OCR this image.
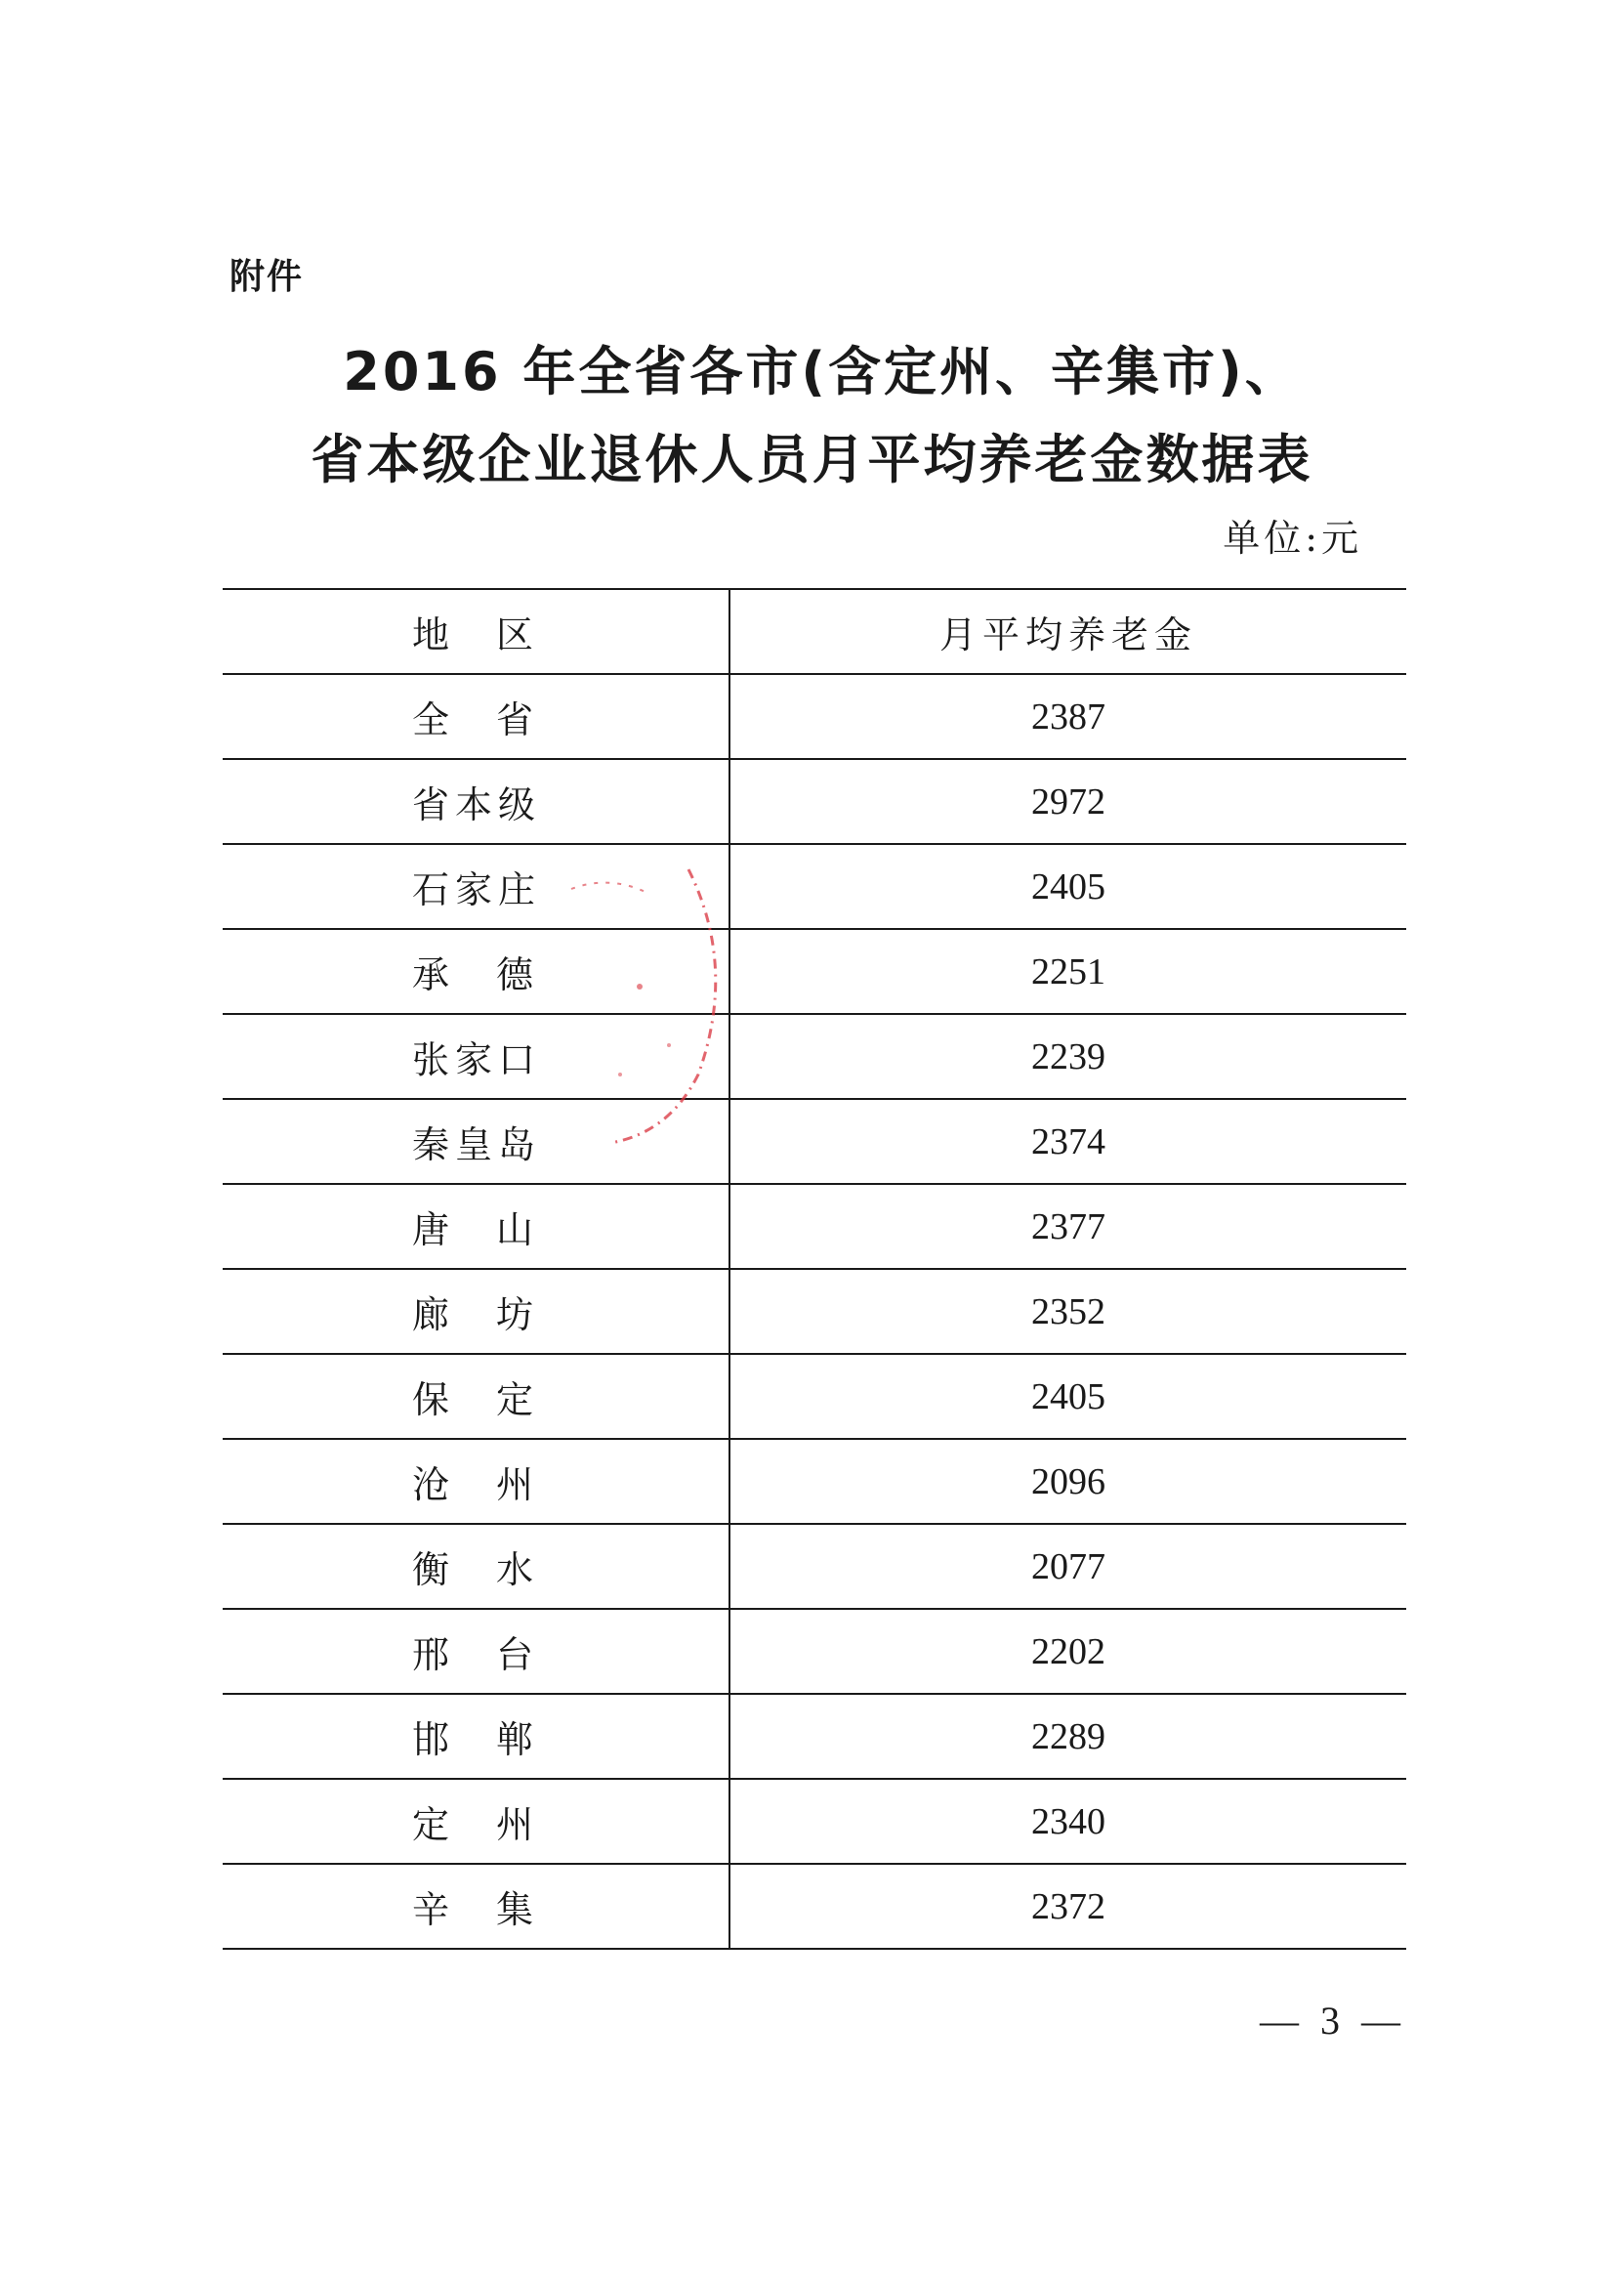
附件
2016 年全省各市(含定州、辛集市)、
省本级企业退休人员月平均养老金数据表
单位:元
地 区	月平均养老金
全 省	2387
省 本 级	2972
石 家 庄	2405
承 德	2251
张 家 口	2239
秦 皇 岛	2374
唐 山	2377
廊 坊	2352
保 定	2405
沧 州	2096
衡 水	2077
邢 台	2202
邯 郸	2289
定 州	2340
辛 集	2372
— 3 —
